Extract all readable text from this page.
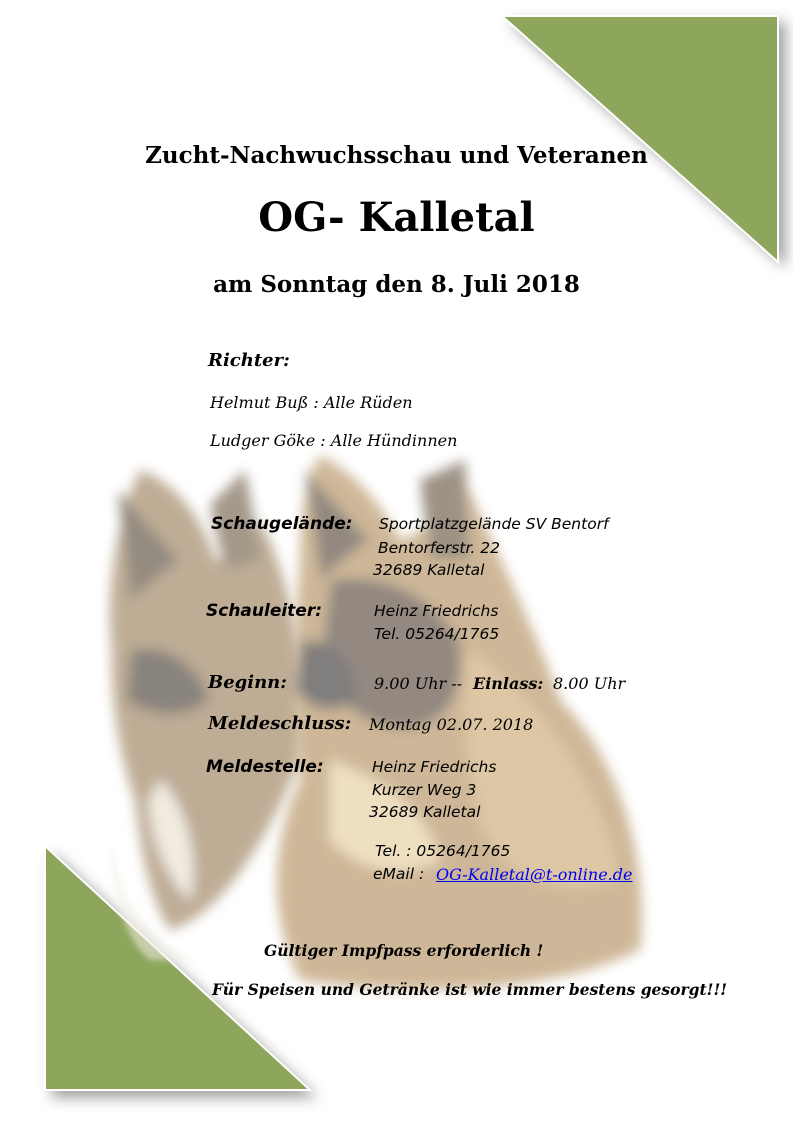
Zucht-Nachwuchsschau und Veteranen
OG- Kalletal
am Sonntag den 8. Juli 2018
Richter:
Helmut Buß : Alle Rüden
Ludger Göke : Alle Hündinnen
Schaugelände: Sportplatzgelände SV Bentorf
Bentorferstr. 22
32689 Kalletal
Schauleiter:	Heinz Friedrichs
Tel. 05264/1765
Beginn:	9.00 Uhr -- Einlass: 8.00 Uhr
Meldeschluss: Montag 02.07. 2018
Meldestelle:	Heinz Friedrichs
Kurzer Weg 3
32689 Kalletal
Tel. : 05264/1765
eMail : OG-Kalletal@t-online.de
Gültiger Impfpass erforderlich !
Für Speisen und Getränke ist wie immer bestens gesorgt!!!
